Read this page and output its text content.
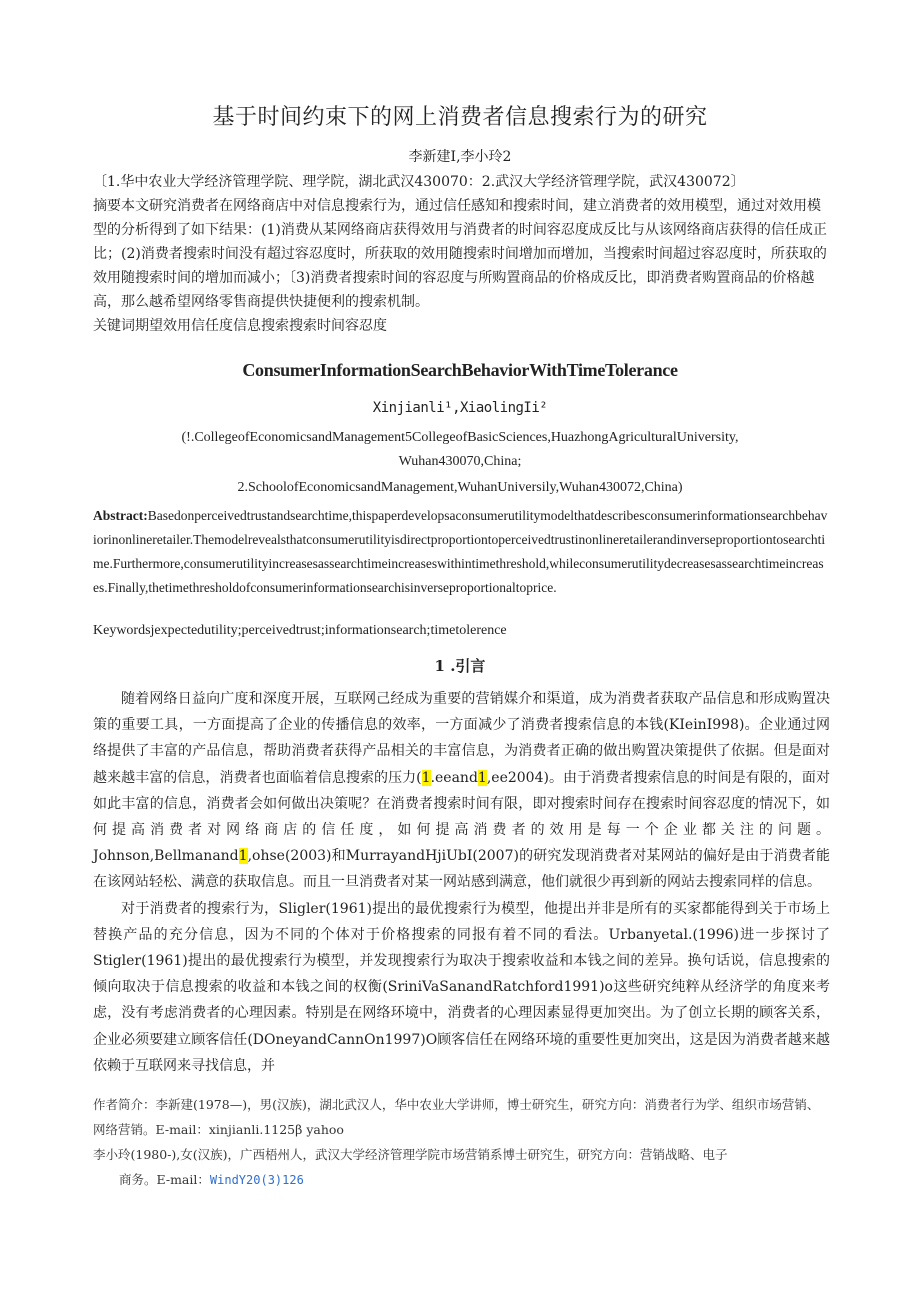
基于时间约束下的网上消费者信息搜索行为的研究
李新建I,李小玲2
〔1.华中农业大学经济管理学院、理学院，湖北武汉430070：2.武汉大学经济管理学院，武汉430072〕
摘要本文研究消费者在网络商店中对信息搜索行为，通过信任感知和搜索时间，建立消费者的效用模型，通过对效用模型的分析得到了如下结果：(1)消费从某网络商店获得效用与消费者的时间容忍度成反比与从该网络商店获得的信任成正比；(2)消费者搜索时间没有超过容忍度时，所获取的效用随搜索时间增加而增加，当搜索时间超过容忍度时，所获取的效用随搜索时间的增加而减小；〔3)消费者搜索时间的容忍度与所购置商品的价格成反比，即消费者购置商品的价格越高，那么越希望网络零售商提供快捷便利的搜索机制。
关键词期望效用信任度信息搜索搜索时间容忍度
ConsumerInformationSearchBehaviorWithTimeTolerance
Xinjianli¹,XiaolingIi²
(!.CollegeofEconomicsandManagement5CollegeofBasicSciences,HuazhongAgriculturalUniversity,
Wuhan430070,China;
2.SchoolofEconomicsandManagement,WuhanUniversily,Wuhan430072,China)
Abstract:Basedonperceivedtrustandsearchtime,thispaperdevelopsaconsumerutilitymodelthatdescribesconsumerinformationsearchbehaviorinonlineretailer.Themodelrevealsthatconsumerutilityisdirectproportiontoperceivedtrustinonlineretailerandinverseproportiontosearchtime.Furthermore,consumerutilityincreasesassearchtimeincreaseswithintimethreshold,whileconsumerutilitydecreasesassearchtimeincreases.Finally,thetimethresholdofconsumerinformationsearchisinverseproportionaltoprice.
Keywordsjexpectedutility;perceivedtrust;informationsearch;timetolerence
1 .引言

随着网络日益向广度和深度开展，互联网己经成为重要的营销媒介和渠道，成为消费者获取产品信息和形成购置决策的重要工具，一方面提高了企业的传播信息的效率，一方面减少了消费者搜索信息的本钱(KIeinI998)。企业通过网络提供了丰富的产品信息，帮助消费者获得产品相关的丰富信息，为消费者正确的做出购置决策提供了依据。但是面对越来越丰富的信息，消费者也面临着信息搜索的压力(1.eeand1,ee2004)。由于消费者搜索信息的时间是有限的，面对如此丰富的信息，消费者会如何做出决策呢？在消费者搜索时间有限，即对搜索时间存在搜索时间容忍度的情况下，如何提高消费者对网络商店的信任度，如何提高消费者的效用是每一个企业都关注的问题。Johnson,Bellmanand1,ohse(2003)和MurrayandHjiUbI(2007)的研究发现消费者对某网站的偏好是由于消费者能在该网站轻松、满意的获取信息。而且一旦消费者对某一网站感到满意，他们就很少再到新的网站去搜索同样的信息。

对于消费者的搜索行为，Sligler(1961)提出的最优搜索行为模型，他提出并非是所有的买家都能得到关于市场上替换产品的充分信息，因为不同的个体对于价格搜索的同报有着不同的看法。Urbanyetal.(1996)进一步探讨了Stigler(1961)提出的最优搜索行为模型，并发现搜索行为取决于搜索收益和本钱之间的差异。换句话说，信息搜索的倾向取决于信息搜索的收益和本钱之间的权衡(SriniVaSanandRatchford1991)o这些研究纯粹从经济学的角度来考虑，没有考虑消费者的心理因素。特别是在网络环境中，消费者的心理因素显得更加突出。为了创立长期的顾客关系，企业必须要建立顾客信任(DOneyandCannOn1997)O顾客信任在网络环境的重要性更加突出，这是因为消费者越来越依赖于互联网来寻找信息，并

作者简介：李新建(1978—)，男(汉族)，湖北武汉人，华中农业大学讲师，博士研究生，研究方向：消费者行为学、组织市场营销、网络营销。E-mail：xinjianli.1125β yahoo

李小玲(1980-),女(汉族)，广西梧州人，武汉大学经济管理学院市场营销系博士研究生，研究方向：营销战略、电子

商务。E-mail：WindY20(3)126
